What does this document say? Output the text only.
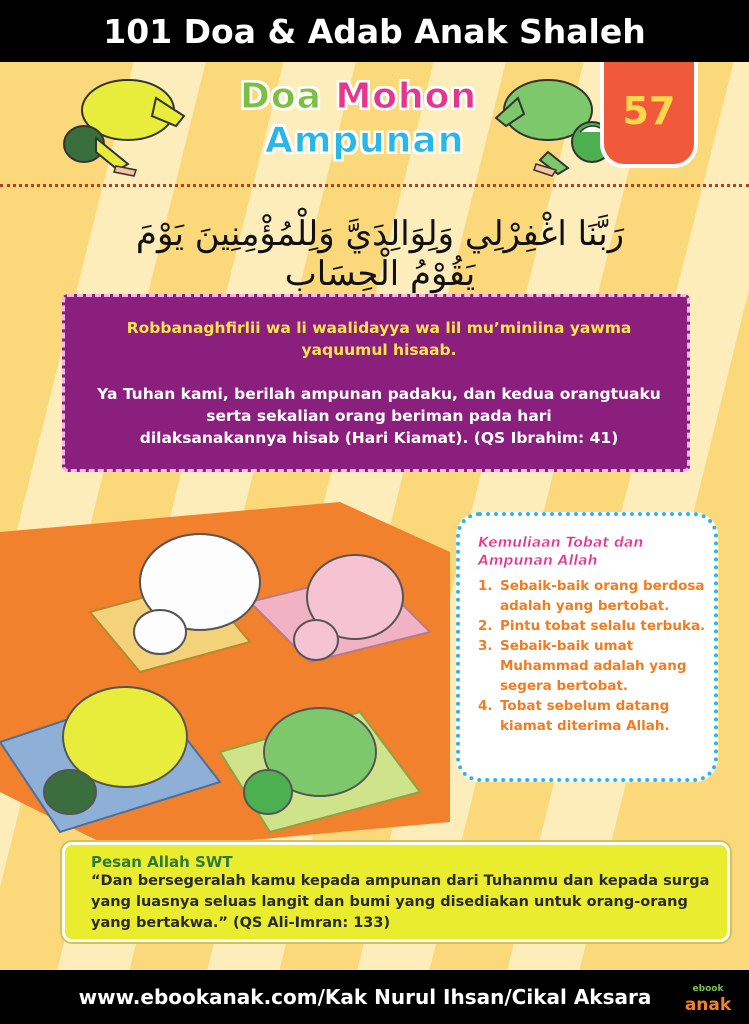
101 Doa & Adab Anak Shaleh
Doa Mohon
Ampunan
57
رَبَّنَا اغْفِرْلِي وَلِوَالِدَيَّ وَلِلْمُؤْمِنِينَ يَوْمَ يَقُوْمُ الْحِسَاب
Robbanaghfirlii wa li waalidayya wa lil mu’miniina yawma
yaquumul hisaab.
Ya Tuhan kami, berilah ampunan padaku, dan kedua orangtuaku
serta sekalian orang beriman pada hari
dilaksanakannya hisab (Hari Kiamat). (QS Ibrahim: 41)
Kemuliaan Tobat dan
Ampunan Allah
1. Sebaik-baik orang berdosa adalah yang bertobat.
2. Pintu tobat selalu terbuka.
3. Sebaik-baik umat Muhammad adalah yang segera bertobat.
4. Tobat sebelum datang kiamat diterima Allah.
Pesan Allah SWT
“Dan bersegeralah kamu kepada ampunan dari Tuhanmu dan kepada surga yang luasnya seluas langit dan bumi yang disediakan untuk orang-orang yang bertakwa.” (QS Ali-Imran: 133)
www.ebookanak.com/Kak Nurul Ihsan/Cikal Aksara	ebook
anak
